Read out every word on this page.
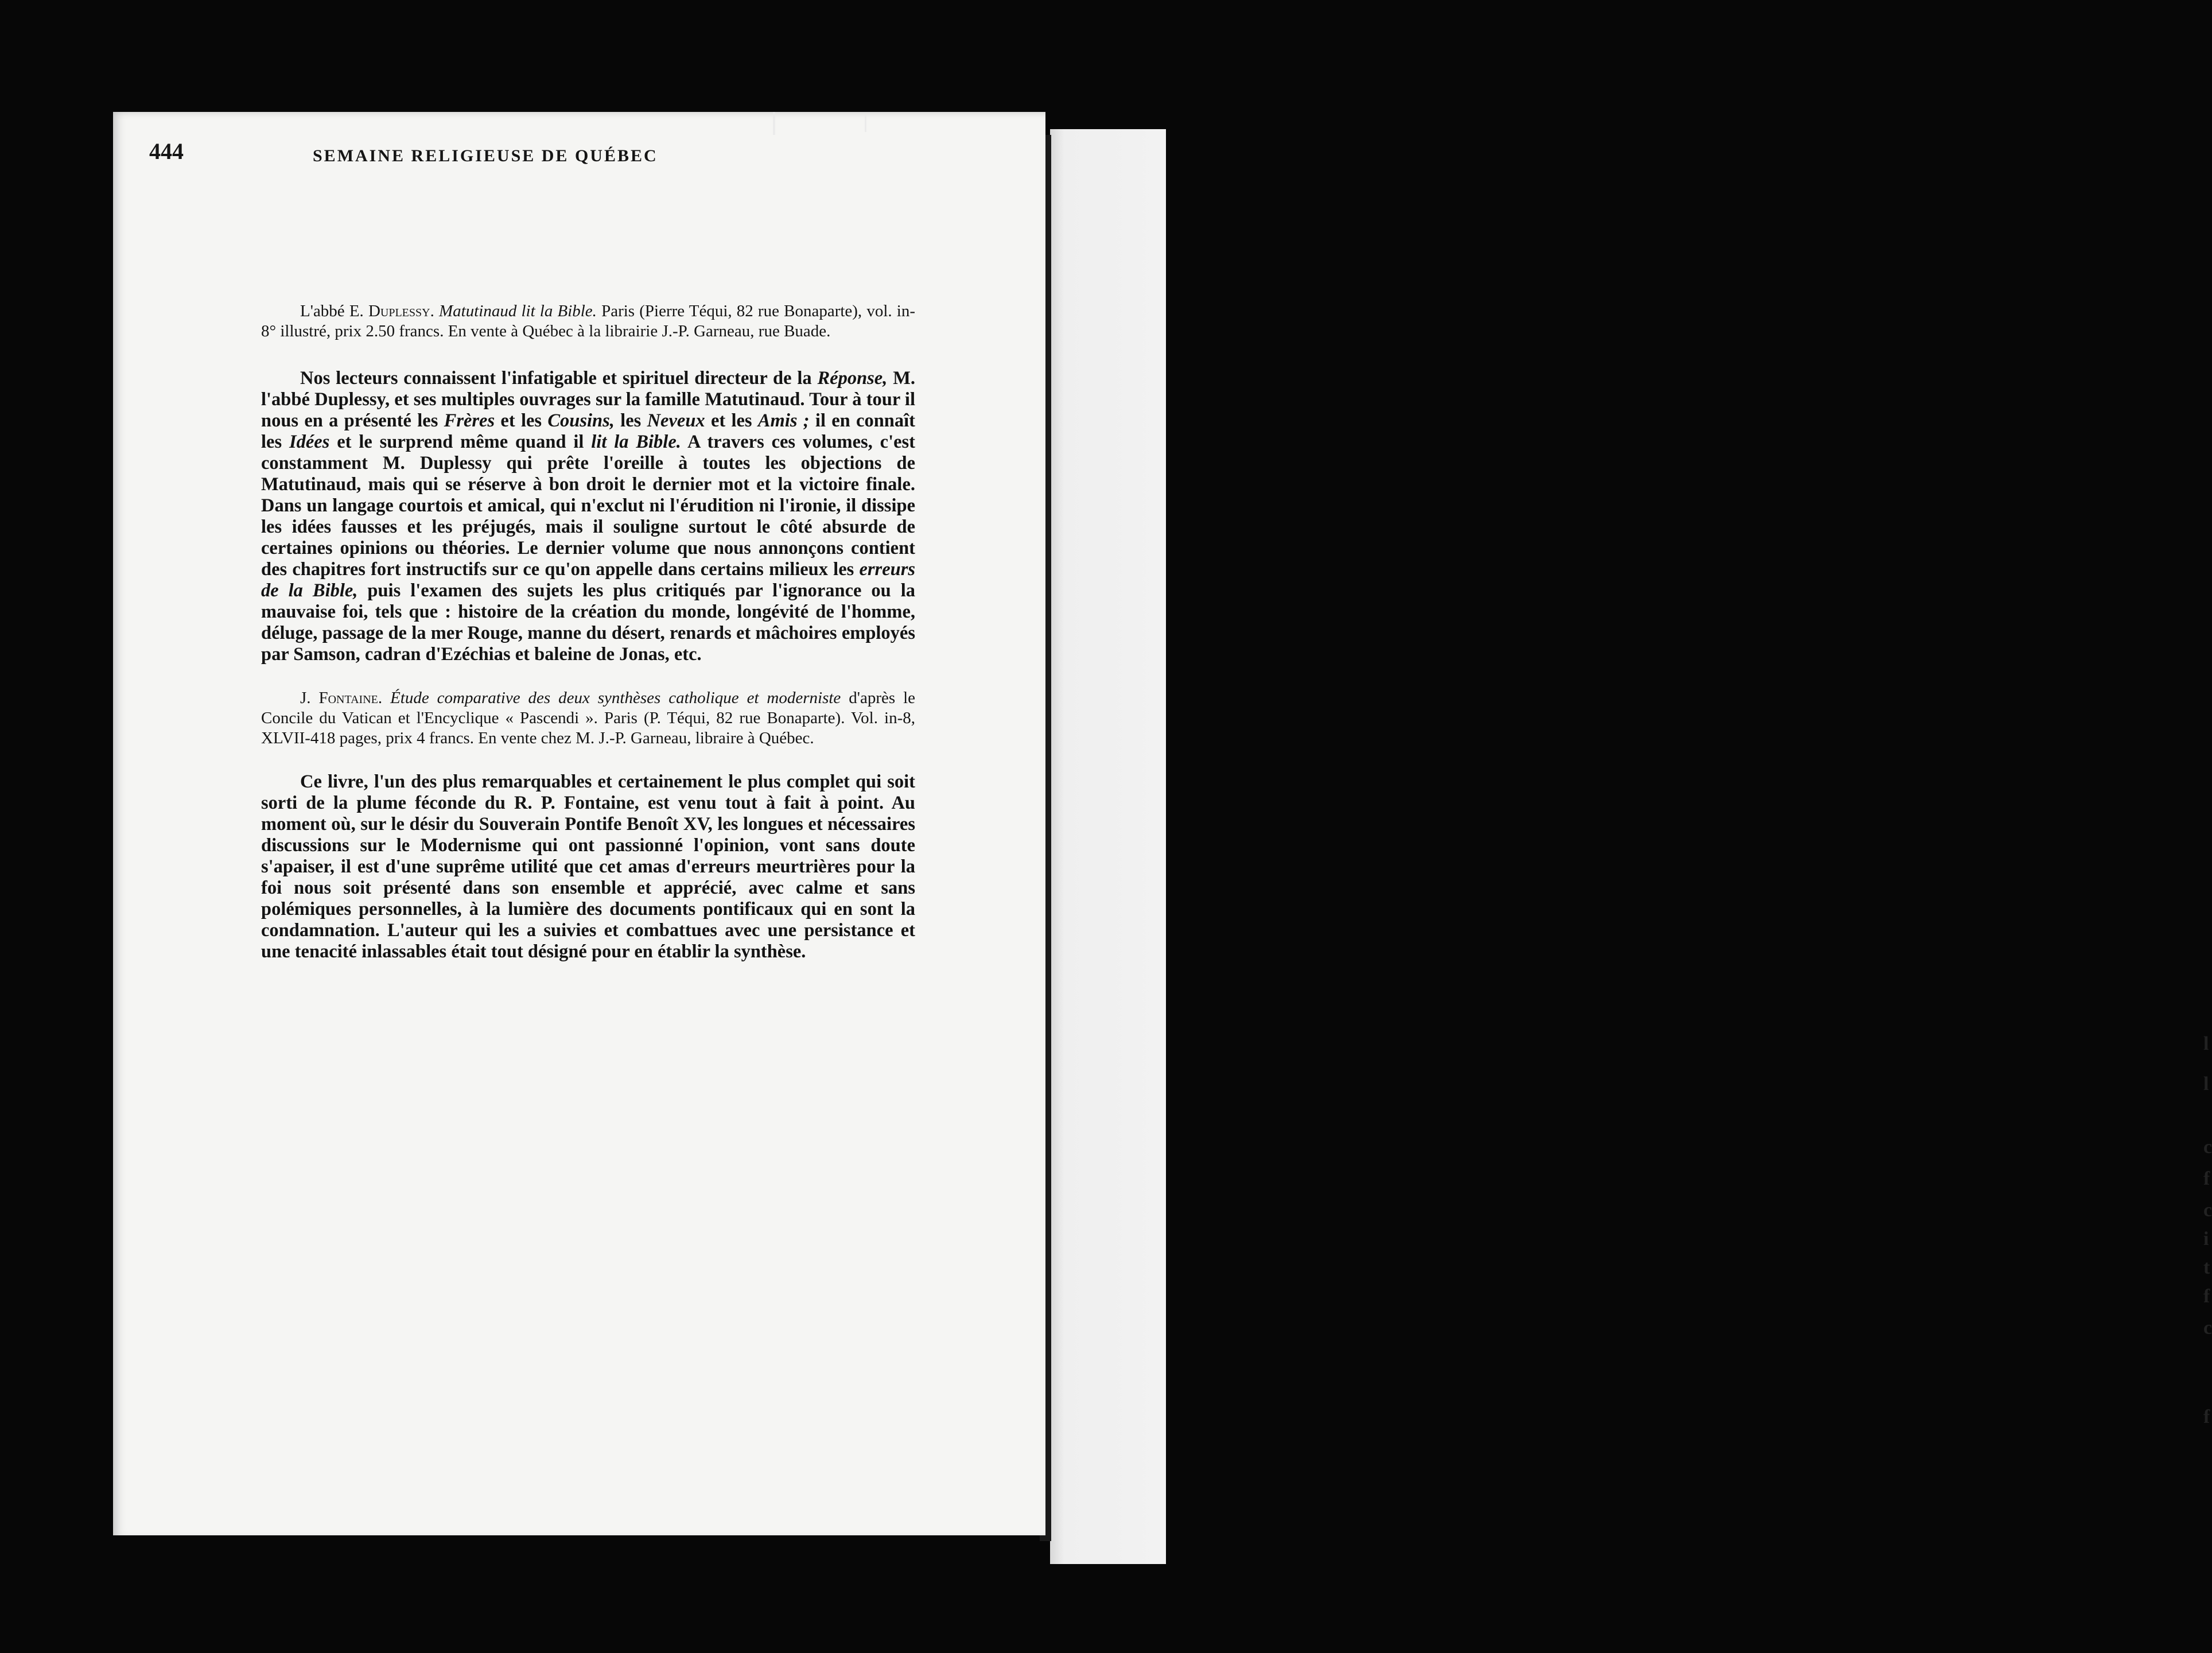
l
l
c
f
c
i
t
f
c
f
444	SEMAINE RELIGIEUSE DE QUÉBEC

L'abbé E. Duplessy. Matutinaud lit la Bible. Paris (Pierre Téqui, 82 rue Bonaparte), vol. in-8° illustré, prix 2.50 francs. En vente à Québec à la librairie J.-P. Garneau, rue Buade.

Nos lecteurs connaissent l'infatigable et spirituel directeur de la Réponse, M. l'abbé Duplessy, et ses multiples ouvrages sur la famille Matutinaud. Tour à tour il nous en a présenté les Frères et les Cousins, les Neveux et les Amis ; il en connaît les Idées et le surprend même quand il lit la Bible. A travers ces volumes, c'est constamment M. Duplessy qui prête l'oreille à toutes les objections de Matutinaud, mais qui se réserve à bon droit le dernier mot et la victoire finale. Dans un langage courtois et amical, qui n'exclut ni l'érudition ni l'ironie, il dissipe les idées fausses et les préjugés, mais il souligne surtout le côté absurde de certaines opinions ou théories. Le dernier volume que nous annonçons contient des chapitres fort instructifs sur ce qu'on appelle dans certains milieux les erreurs de la Bible, puis l'examen des sujets les plus critiqués par l'ignorance ou la mauvaise foi, tels que : histoire de la création du monde, longévité de l'homme, déluge, passage de la mer Rouge, manne du désert, renards et mâchoires employés par Samson, cadran d'Ezéchias et baleine de Jonas, etc.

J. Fontaine. Étude comparative des deux synthèses catholique et moderniste d'après le Concile du Vatican et l'Encyclique « Pascendi ». Paris (P. Téqui, 82 rue Bonaparte). Vol. in-8, XLVII-418 pages, prix 4 francs. En vente chez M. J.-P. Garneau, libraire à Québec.

Ce livre, l'un des plus remarquables et certainement le plus complet qui soit sorti de la plume féconde du R. P. Fontaine, est venu tout à fait à point. Au moment où, sur le désir du Souverain Pontife Benoît XV, les longues et nécessaires discussions sur le Modernisme qui ont passionné l'opinion, vont sans doute s'apaiser, il est d'une suprême utilité que cet amas d'erreurs meurtrières pour la foi nous soit présenté dans son ensemble et apprécié, avec calme et sans polémiques personnelles, à la lumière des documents pontificaux qui en sont la condamnation. L'auteur qui les a suivies et combattues avec une persistance et une tenacité inlassables était tout désigné pour en établir la synthèse.
